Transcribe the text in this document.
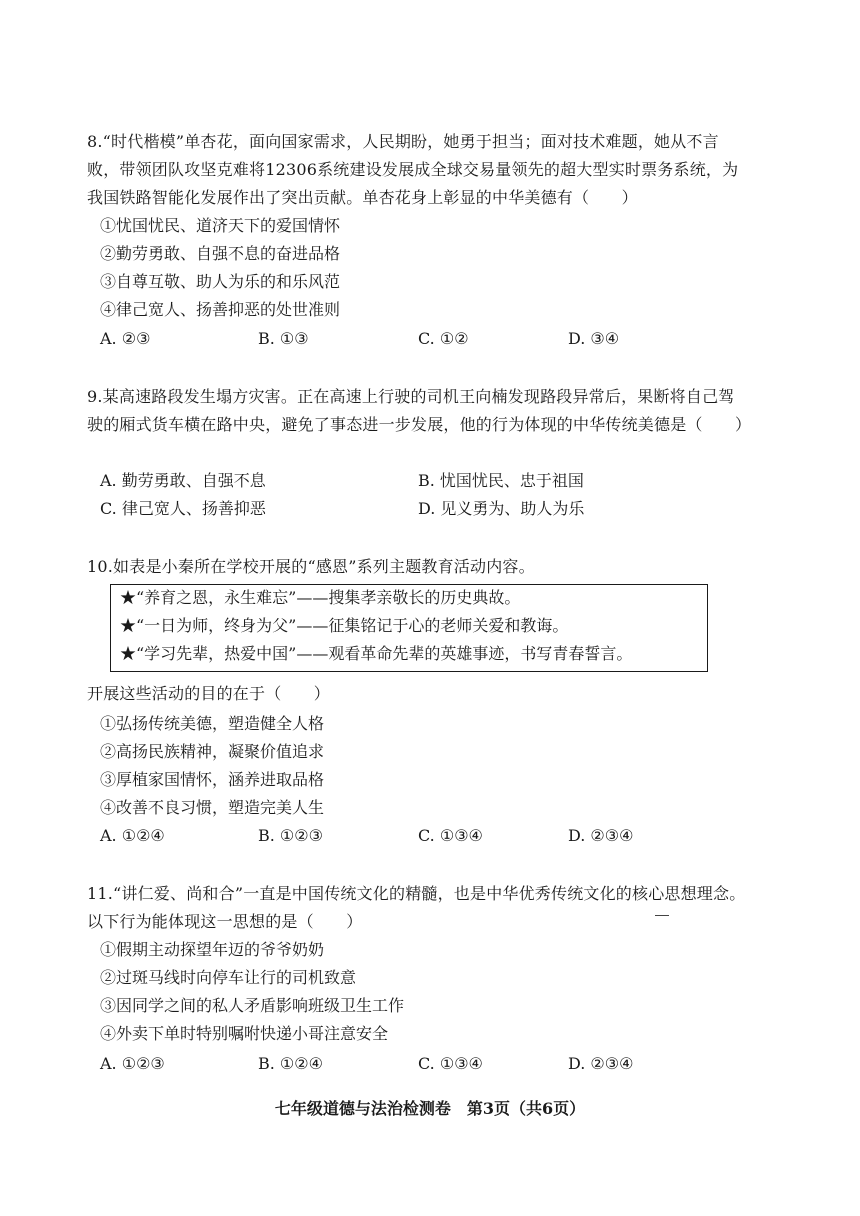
8.“时代楷模”单杏花，面向国家需求，人民期盼，她勇于担当；面对技术难题，她从不言败，带领团队攻坚克难将12306系统建设发展成全球交易量领先的超大型实时票务系统，为我国铁路智能化发展作出了突出贡献。单杏花身上彰显的中华美德有（　　）
①忧国忧民、道济天下的爱国情怀
②勤劳勇敢、自强不息的奋进品格
③自尊互敬、助人为乐的和乐风范
④律己宽人、扬善抑恶的处世准则
A. ②③	B. ①③	C. ①②	D. ③④
9.某高速路段发生塌方灾害。正在高速上行驶的司机王向楠发现路段异常后，果断将自己驾驶的厢式货车横在路中央，避免了事态进一步发展，他的行为体现的中华传统美德是（　　）
A. 勤劳勇敢、自强不息	B. 忧国忧民、忠于祖国
C. 律己宽人、扬善抑恶	D. 见义勇为、助人为乐
10.如表是小秦所在学校开展的“感恩”系列主题教育活动内容。
★“养育之恩，永生难忘”——搜集孝亲敬长的历史典故。
★“一日为师，终身为父”——征集铭记于心的老师关爱和教诲。
★“学习先辈，热爱中国”——观看革命先辈的英雄事迹，书写青春誓言。
开展这些活动的目的在于（　　）
①弘扬传统美德，塑造健全人格
②高扬民族精神，凝聚价值追求
③厚植家国情怀，涵养进取品格
④改善不良习惯，塑造完美人生
A. ①②④	B. ①②③	C. ①③④	D. ②③④
11.“讲仁爱、尚和合”一直是中国传统文化的精髓，也是中华优秀传统文化的核心思想理念。以下行为能体现这一思想的是（　　）
①假期主动探望年迈的爷爷奶奶
②过斑马线时向停车让行的司机致意
③因同学之间的私人矛盾影响班级卫生工作
④外卖下单时特别嘱咐快递小哥注意安全
A. ①②③	B. ①②④	C. ①③④	D. ②③④
七年级道德与法治检测卷　第3页（共6页）
